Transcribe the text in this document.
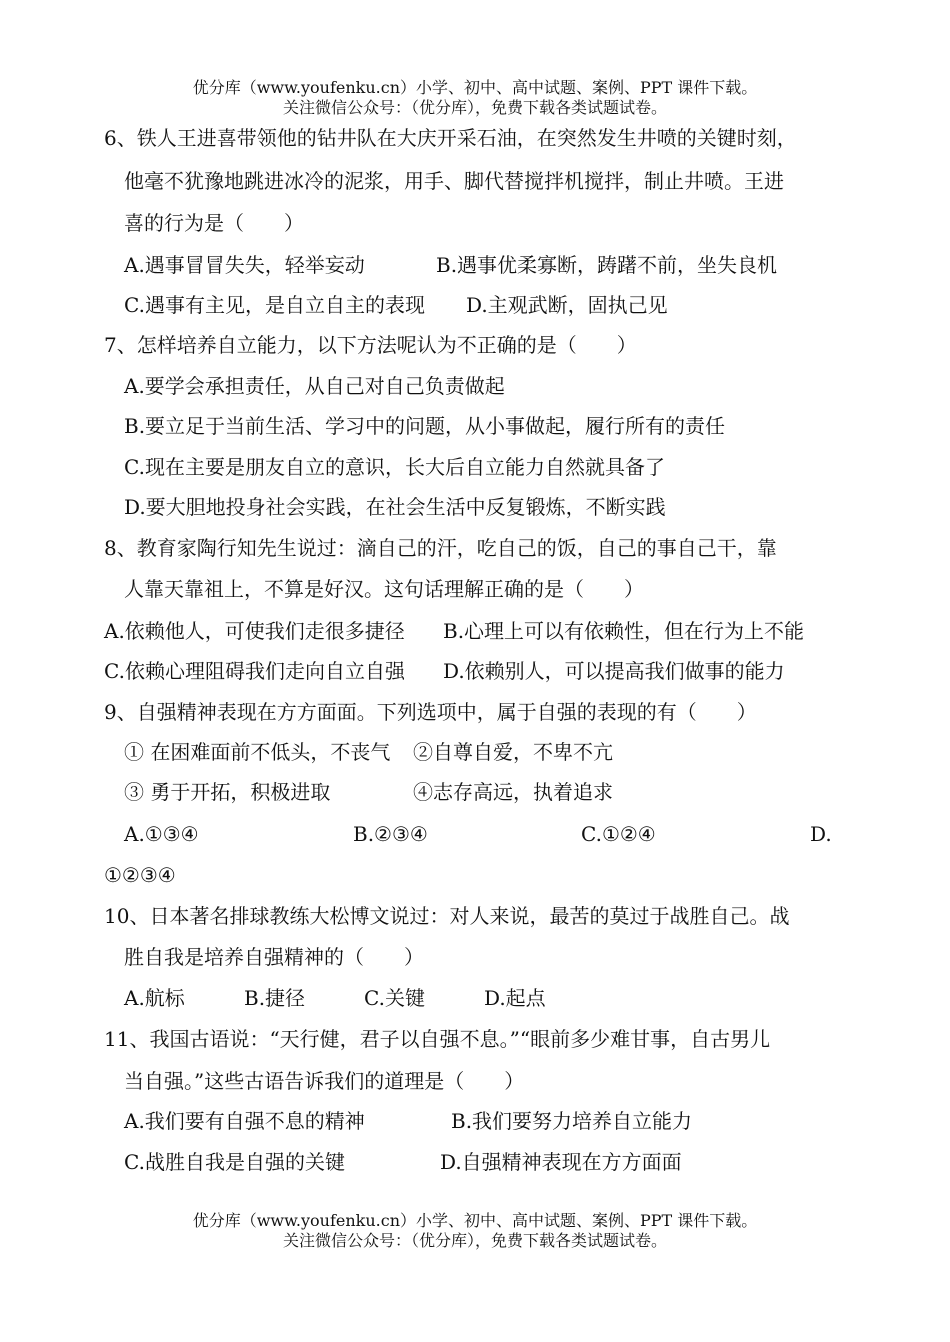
优分库（www.youfenku.cn）小学、初中、高中试题、案例、PPT 课件下载。
关注微信公众号：（优分库），免费下载各类试题试卷。
6、铁人王进喜带领他的钻井队在大庆开采石油，在突然发生井喷的关键时刻，
他毫不犹豫地跳进冰冷的泥浆，用手、脚代替搅拌机搅拌，制止井喷。王进
喜的行为是（　　）
A.遇事冒冒失失，轻举妄动	B.遇事优柔寡断，踌躇不前，坐失良机
C.遇事有主见，是自立自主的表现 D.主观武断，固执己见
7、怎样培养自立能力，以下方法呢认为不正确的是（　　）
A.要学会承担责任，从自己对自己负责做起
B.要立足于当前生活、学习中的问题，从小事做起，履行所有的责任
C.现在主要是朋友自立的意识，长大后自立能力自然就具备了
D.要大胆地投身社会实践，在社会生活中反复锻炼，不断实践
8、教育家陶行知先生说过：滴自己的汗，吃自己的饭，自己的事自己干，靠
人靠天靠祖上，不算是好汉。这句话理解正确的是（　　）
A.依赖他人，可使我们走很多捷径 B.心理上可以有依赖性，但在行为上不能
C.依赖心理阻碍我们走向自立自强 D.依赖别人，可以提高我们做事的能力
9、自强精神表现在方方面面。下列选项中，属于自强的表现的有（　　）
① 在困难面前不低头，不丧气 ②自尊自爱，不卑不亢
③ 勇于开拓，积极进取	④志存高远，执着追求
A.①③④	B.②③④	C.①②④	D.
①②③④
10、日本著名排球教练大松博文说过：对人来说，最苦的莫过于战胜自己。战
胜自我是培养自强精神的（　　）
A.航标	B.捷径	C.关键	D.起点
11、我国古语说：“天行健，君子以自强不息。”“眼前多少难甘事，自古男儿
当自强。”这些古语告诉我们的道理是（　　）
A.我们要有自强不息的精神	B.我们要努力培养自立能力
C.战胜自我是自强的关键	D.自强精神表现在方方面面
优分库（www.youfenku.cn）小学、初中、高中试题、案例、PPT 课件下载。
关注微信公众号：（优分库），免费下载各类试题试卷。
